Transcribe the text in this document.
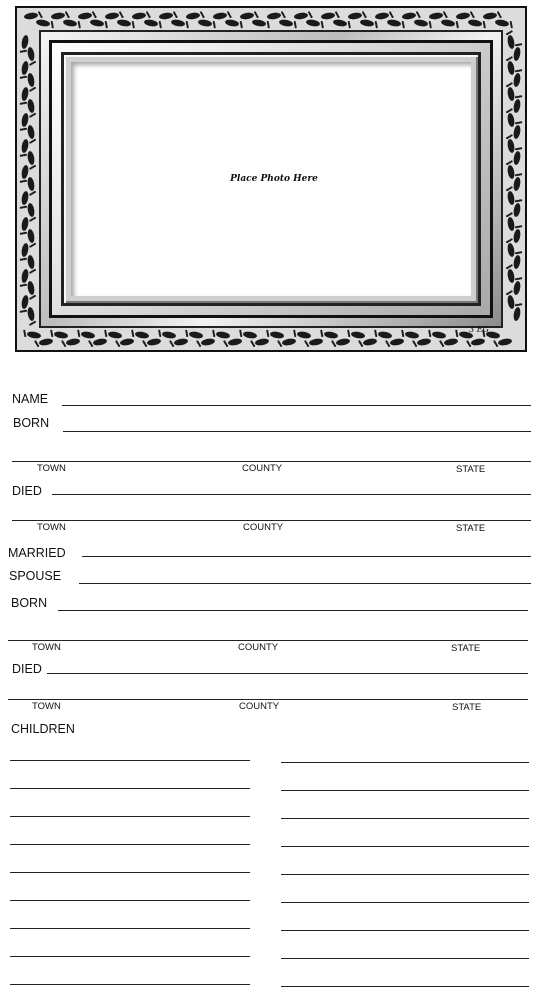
Place Photo Here
3 EG
NAME
BORN
TOWN	COUNTY	STATE
DIED
TOWN	COUNTY	STATE
MARRIED
SPOUSE
BORN
TOWN	COUNTY	STATE
DIED
TOWN	COUNTY	STATE
CHILDREN
